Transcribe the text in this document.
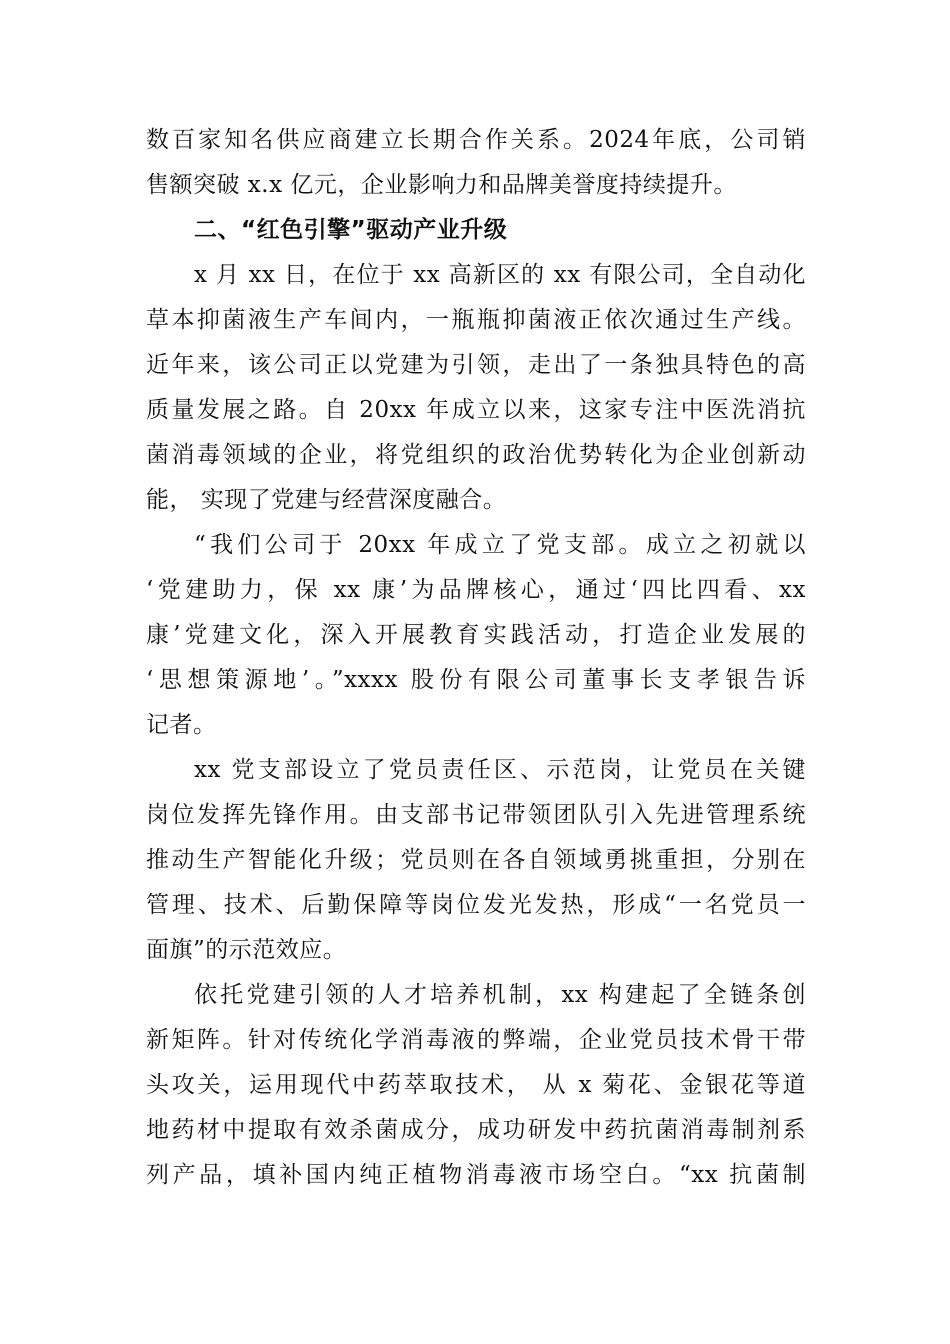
数百家知名供应商建立长期合作关系。2024年底，公司销
售额突破 x.x 亿元，企业影响力和品牌美誉度持续提升。
二、“红色引擎”驱动产业升级
x 月 xx 日，在位于 xx 高新区的 xx 有限公司，全自动化
草本抑菌液生产车间内，一瓶瓶抑菌液正依次通过生产线。
近年来，该公司正以党建为引领，走出了一条独具特色的高
质量发展之路。自 20xx 年成立以来，这家专注中医洗消抗
菌消毒领域的企业，将党组织的政治优势转化为企业创新动
能， 实现了党建与经营深度融合。
“我们公司于 20xx 年成立了党支部。成立之初就以
‘党建助力，保 xx 康’为品牌核心，通过‘四比四看、xx
康’党建文化，深入开展教育实践活动，打造企业发展的
‘思想策源地’。”xxxx 股份有限公司董事长支孝银告诉
记者。
xx 党支部设立了党员责任区、示范岗，让党员在关键
岗位发挥先锋作用。由支部书记带领团队引入先进管理系统
推动生产智能化升级；党员则在各自领域勇挑重担，分别在
管理、技术、后勤保障等岗位发光发热，形成“一名党员一
面旗”的示范效应。
依托党建引领的人才培养机制，xx 构建起了全链条创
新矩阵。针对传统化学消毒液的弊端，企业党员技术骨干带
头攻关，运用现代中药萃取技术， 从 x 菊花、金银花等道
地药材中提取有效杀菌成分，成功研发中药抗菌消毒制剂系
列产品，填补国内纯正植物消毒液市场空白。“xx 抗菌制
